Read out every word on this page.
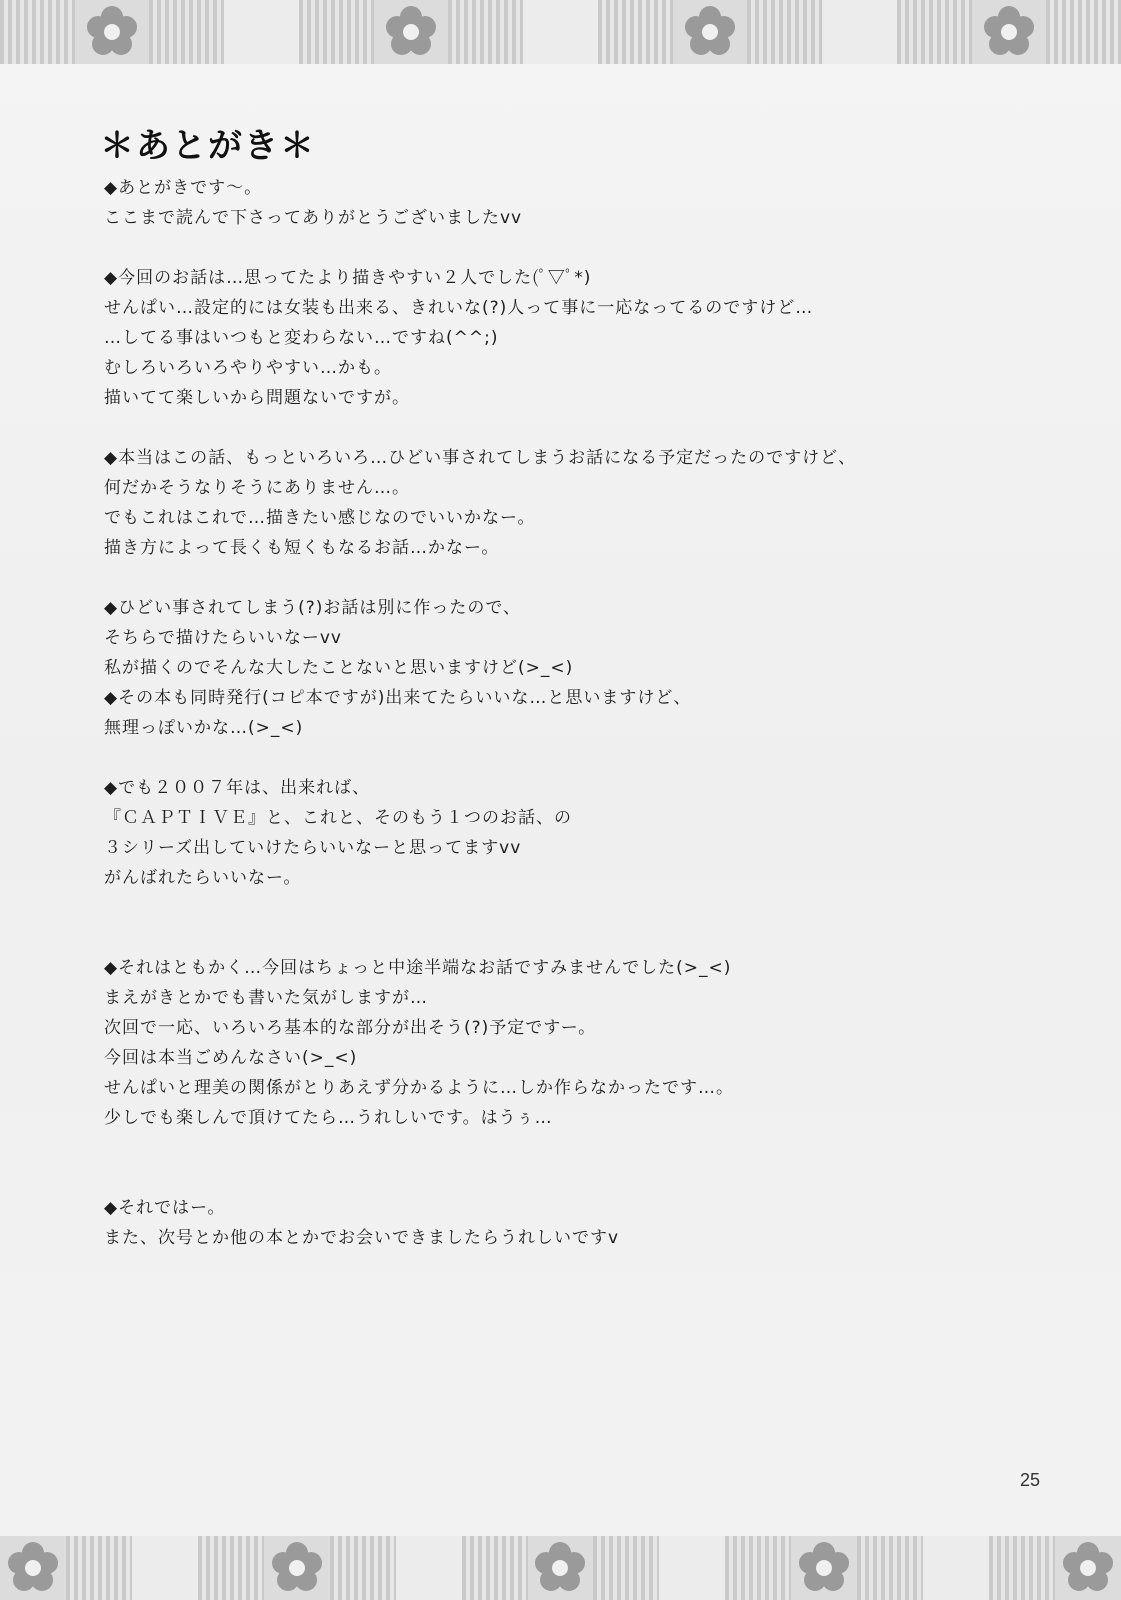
＊あとがき＊
◆あとがきです～。
ここまで読んで下さってありがとうございましたvv
◆今回のお話は…思ってたより描きやすい２人でした(ﾟ▽ﾟ*)
せんぱい…設定的には女装も出来る、きれいな(?)人って事に一応なってるのですけど…
…してる事はいつもと変わらない…ですね(^^;)
むしろいろいろやりやすい…かも。
描いてて楽しいから問題ないですが。
◆本当はこの話、もっといろいろ…ひどい事されてしまうお話になる予定だったのですけど、
何だかそうなりそうにありません…。
でもこれはこれで…描きたい感じなのでいいかなー。
描き方によって長くも短くもなるお話…かなー。
◆ひどい事されてしまう(?)お話は別に作ったので、
そちらで描けたらいいなーvv
私が描くのでそんな大したことないと思いますけど(>_<)
◆その本も同時発行(コピ本ですが)出来てたらいいな…と思いますけど、
無理っぽいかな…(>_<)
◆でも２００７年は、出来れば、
『ＣＡＰＴＩＶＥ』と、これと、そのもう１つのお話、の
３シリーズ出していけたらいいなーと思ってますvv
がんばれたらいいなー。
◆それはともかく…今回はちょっと中途半端なお話ですみませんでした(>_<)
まえがきとかでも書いた気がしますが…
次回で一応、いろいろ基本的な部分が出そう(?)予定ですー。
今回は本当ごめんなさい(>_<)
せんぱいと理美の関係がとりあえず分かるように…しか作らなかったです…。
少しでも楽しんで頂けてたら…うれしいです。はうぅ…
◆それではー。
また、次号とか他の本とかでお会いできましたらうれしいですv
25
